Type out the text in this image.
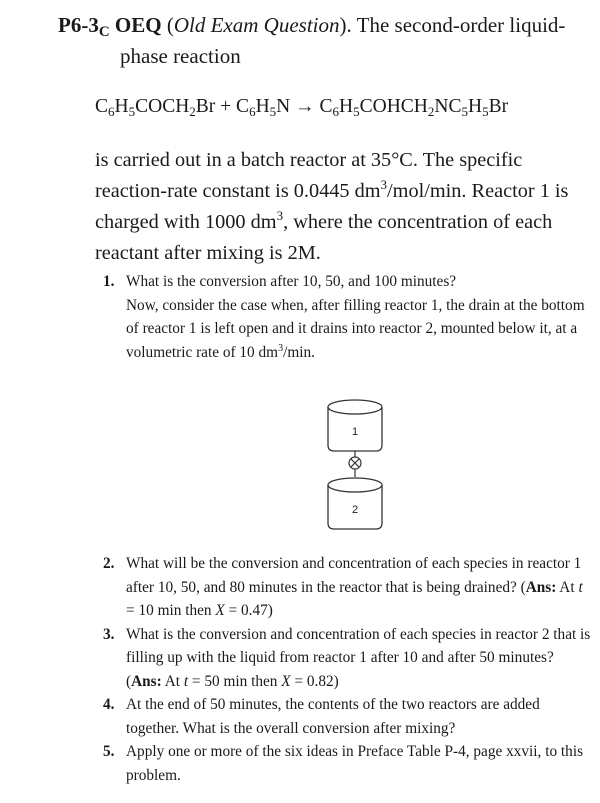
$P6-3_C$ OEQ (Old Exam Question). The second-order liquid-
phase reaction
$C_6H_5COCH_2Br + C_6H_5N$ → $C_6H_5COHCH_2NC_5H_5Br$
is carried out in a batch reactor at 35°C. The specific
reaction-rate constant is 0.0445 $dm^3/mol/\min$. Reactor 1 is
charged with 1000 $dm^3$, where the concentration of each
reactant after mixing is 2M.
1. What is the conversion after 10, 50, and 100 minutes?
Now, consider the case when, after filling reactor 1, the drain at the bottom of reactor 1 is left open and it drains into reactor 2, mounted below it, at a volumetric rate of 10 $dm^3/\min$.
1
2
2. What will be the conversion and concentration of each species in reactor 1 after 10, 50, and 80 minutes in the reactor that is being drained? (Ans: At t = 10 min then X = 0.47)
3. What is the conversion and concentration of each species in reactor 2 that is filling up with the liquid from reactor 1 after 10 and after 50 minutes? (Ans: At t = 50 min then X = 0.82)
4. At the end of 50 minutes, the contents of the two reactors are added together. What is the overall conversion after mixing?
5. Apply one or more of the six ideas in Preface Table P-4, page xxvii, to this problem.
